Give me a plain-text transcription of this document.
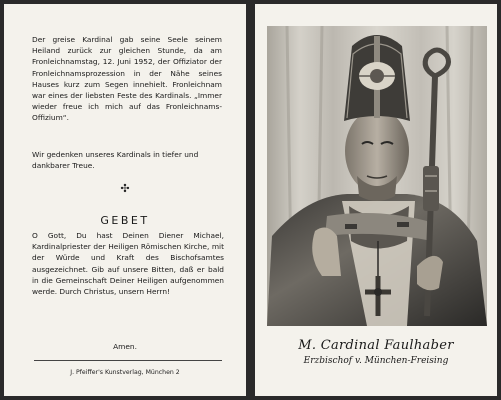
Der greise Kardinal gab seine Seele seinem Heiland zurück zur gleichen Stunde, da am Fronleichnamstag, 12. Juni 1952, der Offiziator der Fronleichnamsprozession in der Nähe seines Hauses kurz zum Segen innehielt. Fronleichnam war eines der liebsten Feste des Kardinals. „Immer wieder freue ich mich auf das Fronleichnams-Offizium“.

Wir gedenken unseres Kardinals in tiefer und dankbarer Treue.

✣
GEBET

O Gott, Du hast Deinen Diener Michael, Kardinalpriester der Heiligen Römischen Kirche, mit der Würde und Kraft des Bischofsamtes ausgezeichnet. Gib auf unsere Bitten, daß er bald in die Gemeinschaft Deiner Heiligen aufgenommen werde. Durch Christus, unsern Herrn!

Amen.
J. Pfeiffer's Kunstverlag, München 2
M. Cardinal Faulhaber
Erzbischof v. München-Freising
